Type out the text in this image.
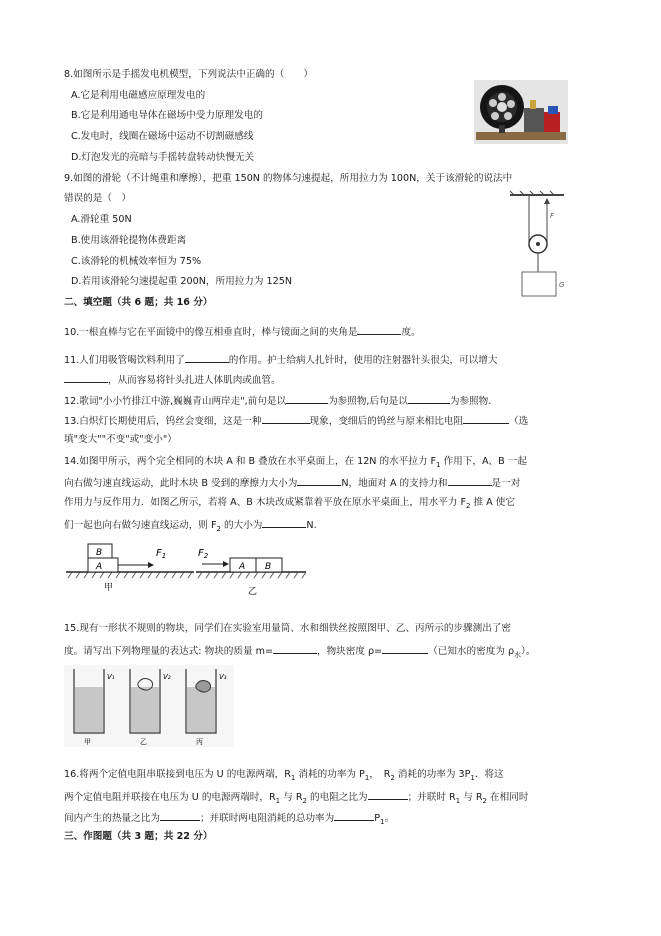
8.如图所示是手摇发电机模型，下列说法中正确的（　　）
A.它是利用电磁感应原理发电的
B.它是利用通电导体在磁场中受力原理发电的
C.发电时，线圈在磁场中运动不切割磁感线
D.灯泡发光的亮暗与手摇转盘转动快慢无关
9.如图的滑轮（不计绳重和摩擦），把重 150N 的物体匀速提起，所用拉力为 100N，关于该滑轮的说法中
错误的是（　）
A.滑轮重 50N
B.使用该滑轮提物体费距离
C.该滑轮的机械效率恒为 75%
D.若用该滑轮匀速提起重 200N，所用拉力为 125N
F
G
二、填空题（共 6 题；共 16 分）
10.一根直棒与它在平面镜中的像互相垂直时，棒与镜面之间的夹角是	度。
11.人们用吸管喝饮料利用了	的作用。护士给病人扎针时，使用的注射器针头很尖，可以增大
，从而容易将针头扎进人体肌肉或血管。
12.歌词"小小竹排江中游,巍巍青山两岸走",前句是以	为参照物,后句是以	为参照物.
13.白炽灯长期使用后，钨丝会变细，这是一种	现象，变细后的钨丝与原来相比电阻	（选
填"变大""不变"或"变小"）
14.如图甲所示，两个完全相同的木块 A 和 B 叠放在水平桌面上，在 12N 的水平拉力 $F_1$ 作用下，A、B 一起
向右做匀速直线运动，此时木块 B 受到的摩擦力大小为	N，地面对 A 的支持力和	是一对
作用力与反作用力．如图乙所示，若将 A、B 木块改成紧靠着平放在原水平桌面上，用水平力 $F_2$ 推 A 使它
们一起也向右做匀速直线运动，则 $F_2$ 的大小为	N.
A
B	$F_1$
甲
A B
$F_2$
乙
15.现有一形状不规则的物块，同学们在实验室用量筒、水和细铁丝按照图甲、乙、丙所示的步骤测出了密
度。请写出下列物理量的表达式: 物块的质量 m=	，物块密度 ρ=	（已知水的密度为 $\rho_水$）。
V₁	V₂	V₃
甲	乙	丙
16.将两个定值电阻串联接到电压为 U 的电源两端，$R_1$ 消耗的功率为 $P_1$，　$R_2$ 消耗的功率为 $3P_1$．将这
两个定值电阻并联接在电压为 U 的电源两端时，$R_1$ 与 $R_2$ 的电阻之比为	；并联时 $R_1$ 与 $R_2$ 在相同时
间内产生的热量之比为	；并联时两电阻消耗的总功率为	$P_1$。
三、作图题（共 3 题；共 22 分）
